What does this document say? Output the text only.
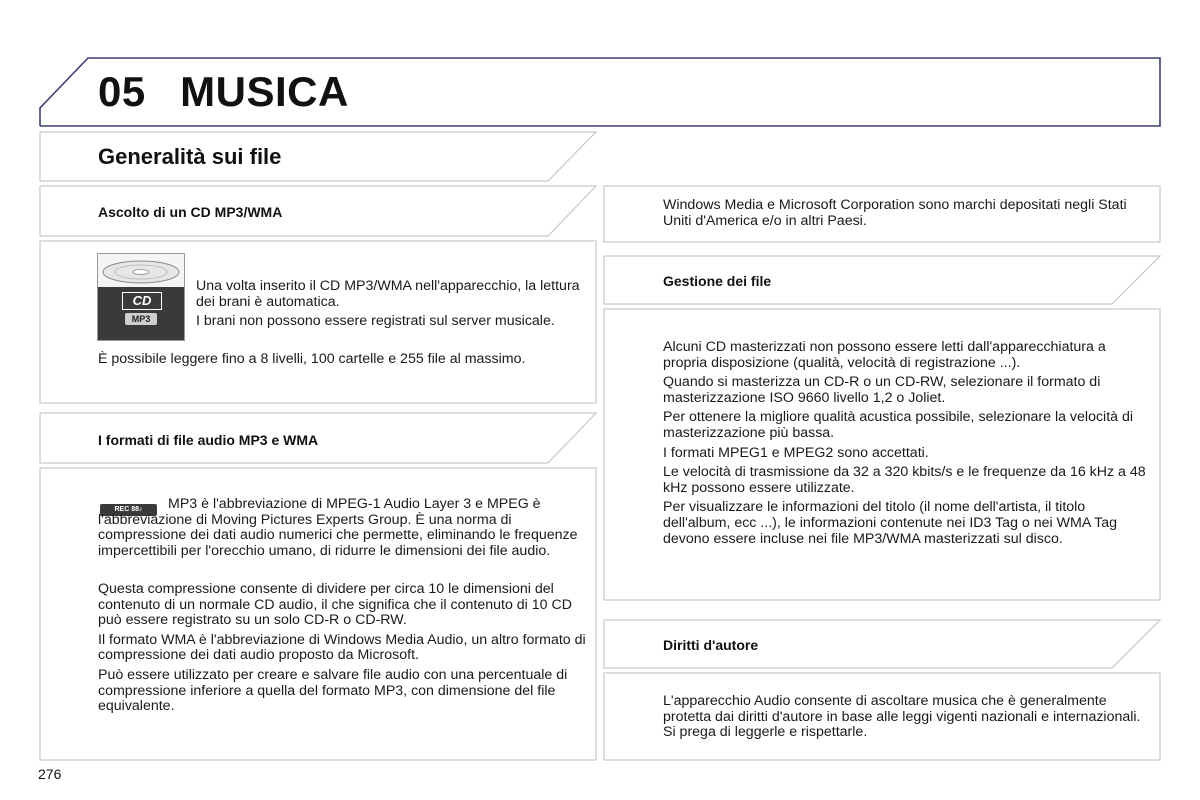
05 MUSICA
Generalità sui file
Ascolto di un CD MP3/WMA
CD
MP3

Una volta inserito il CD MP3/WMA nell'apparecchio, la lettura dei brani è automatica.

I brani non possono essere registrati sul server musicale.

È possibile leggere fino a 8 livelli, 100 cartelle e 255 file al massimo.
I formati di file audio MP3 e WMA
REC 88♪	MP3 è l'abbreviazione di MPEG-1 Audio Layer 3 e MPEG è l'abbreviazione di Moving Pictures Experts Group. È una norma di compressione dei dati audio numerici che permette, eliminando le frequenze impercettibili per l'orecchio umano, di ridurre le dimensioni dei file audio.

Questa compressione consente di dividere per circa 10 le dimensioni del contenuto di un normale CD audio, il che significa che il contenuto di 10 CD può essere registrato su un solo CD-R o CD-RW.

Il formato WMA è l'abbreviazione di Windows Media Audio, un altro formato di compressione dei dati audio proposto da Microsoft.

Può essere utilizzato per creare e salvare file audio con una percentuale di compressione inferiore a quella del formato MP3, con dimensione del file equivalente.

Windows Media e Microsoft Corporation sono marchi depositati negli Stati Uniti d'America e/o in altri Paesi.
Gestione dei file

Alcuni CD masterizzati non possono essere letti dall'apparecchiatura a propria disposizione (qualità, velocità di registrazione ...).

Quando si masterizza un CD-R o un CD-RW, selezionare il formato di masterizzazione ISO 9660 livello 1,2 o Joliet.

Per ottenere la migliore qualità acustica possibile, selezionare la velocità di masterizzazione più bassa.

I formati MPEG1 e MPEG2 sono accettati.

Le velocità di trasmissione da 32 a 320 kbits/s e le frequenze da 16 kHz a 48 kHz possono essere utilizzate.

Per visualizzare le informazioni del titolo (il nome dell'artista, il titolo dell'album, ecc ...), le informazioni contenute nei ID3 Tag o nei WMA Tag devono essere incluse nei file MP3/WMA masterizzati sul disco.

Diritti d'autore
L'apparecchio Audio consente di ascoltare musica che è generalmente protetta dai diritti d'autore in base alle leggi vigenti nazionali e internazionali. Si prega di leggerle e rispettarle.
276
